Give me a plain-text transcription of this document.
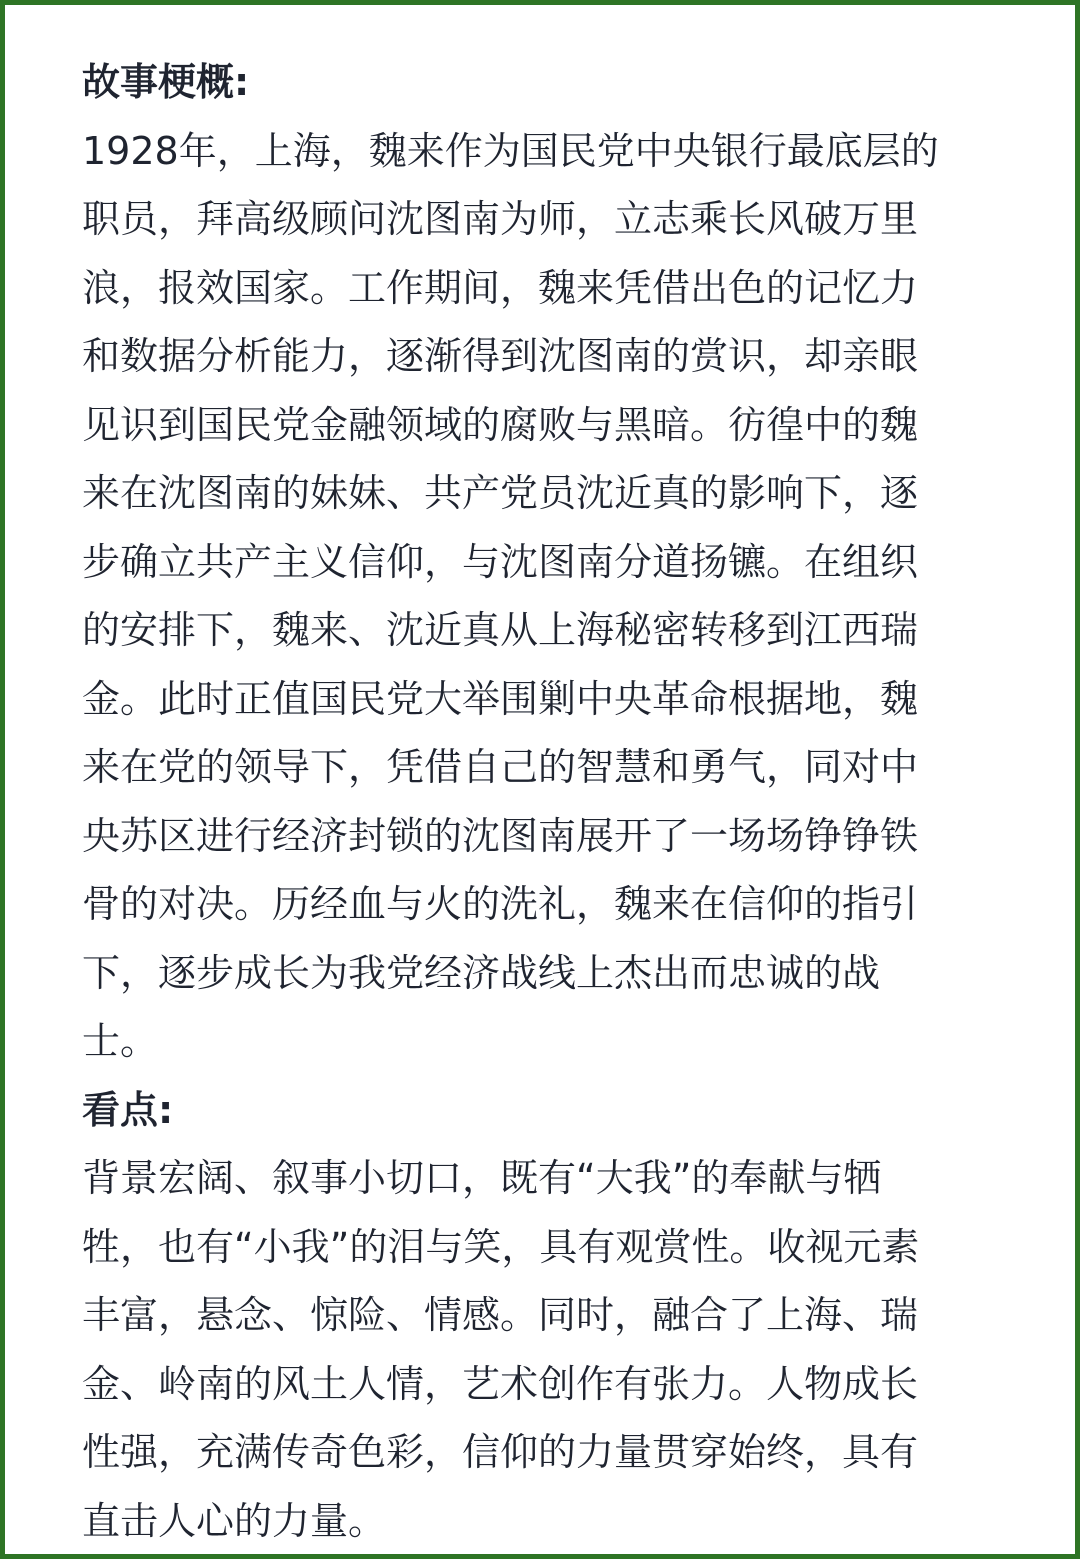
故事梗概:
1928年，上海，魏来作为国民党中央银行最底层的
职员，拜高级顾问沈图南为师，立志乘长风破万里
浪，报效国家。工作期间，魏来凭借出色的记忆力
和数据分析能力，逐渐得到沈图南的赏识，却亲眼
见识到国民党金融领域的腐败与黑暗。彷徨中的魏
来在沈图南的妹妹、共产党员沈近真的影响下，逐
步确立共产主义信仰，与沈图南分道扬镳。在组织
的安排下，魏来、沈近真从上海秘密转移到江西瑞
金。此时正值国民党大举围剿中央革命根据地，魏
来在党的领导下，凭借自己的智慧和勇气，同对中
央苏区进行经济封锁的沈图南展开了一场场铮铮铁
骨的对决。历经血与火的洗礼，魏来在信仰的指引
下，逐步成长为我党经济战线上杰出而忠诚的战
士。
看点:
背景宏阔、叙事小切口，既有“大我”的奉献与牺
牲，也有“小我”的泪与笑，具有观赏性。收视元素
丰富，悬念、惊险、情感。同时，融合了上海、瑞
金、岭南的风土人情，艺术创作有张力。人物成长
性强，充满传奇色彩，信仰的力量贯穿始终，具有
直击人心的力量。
